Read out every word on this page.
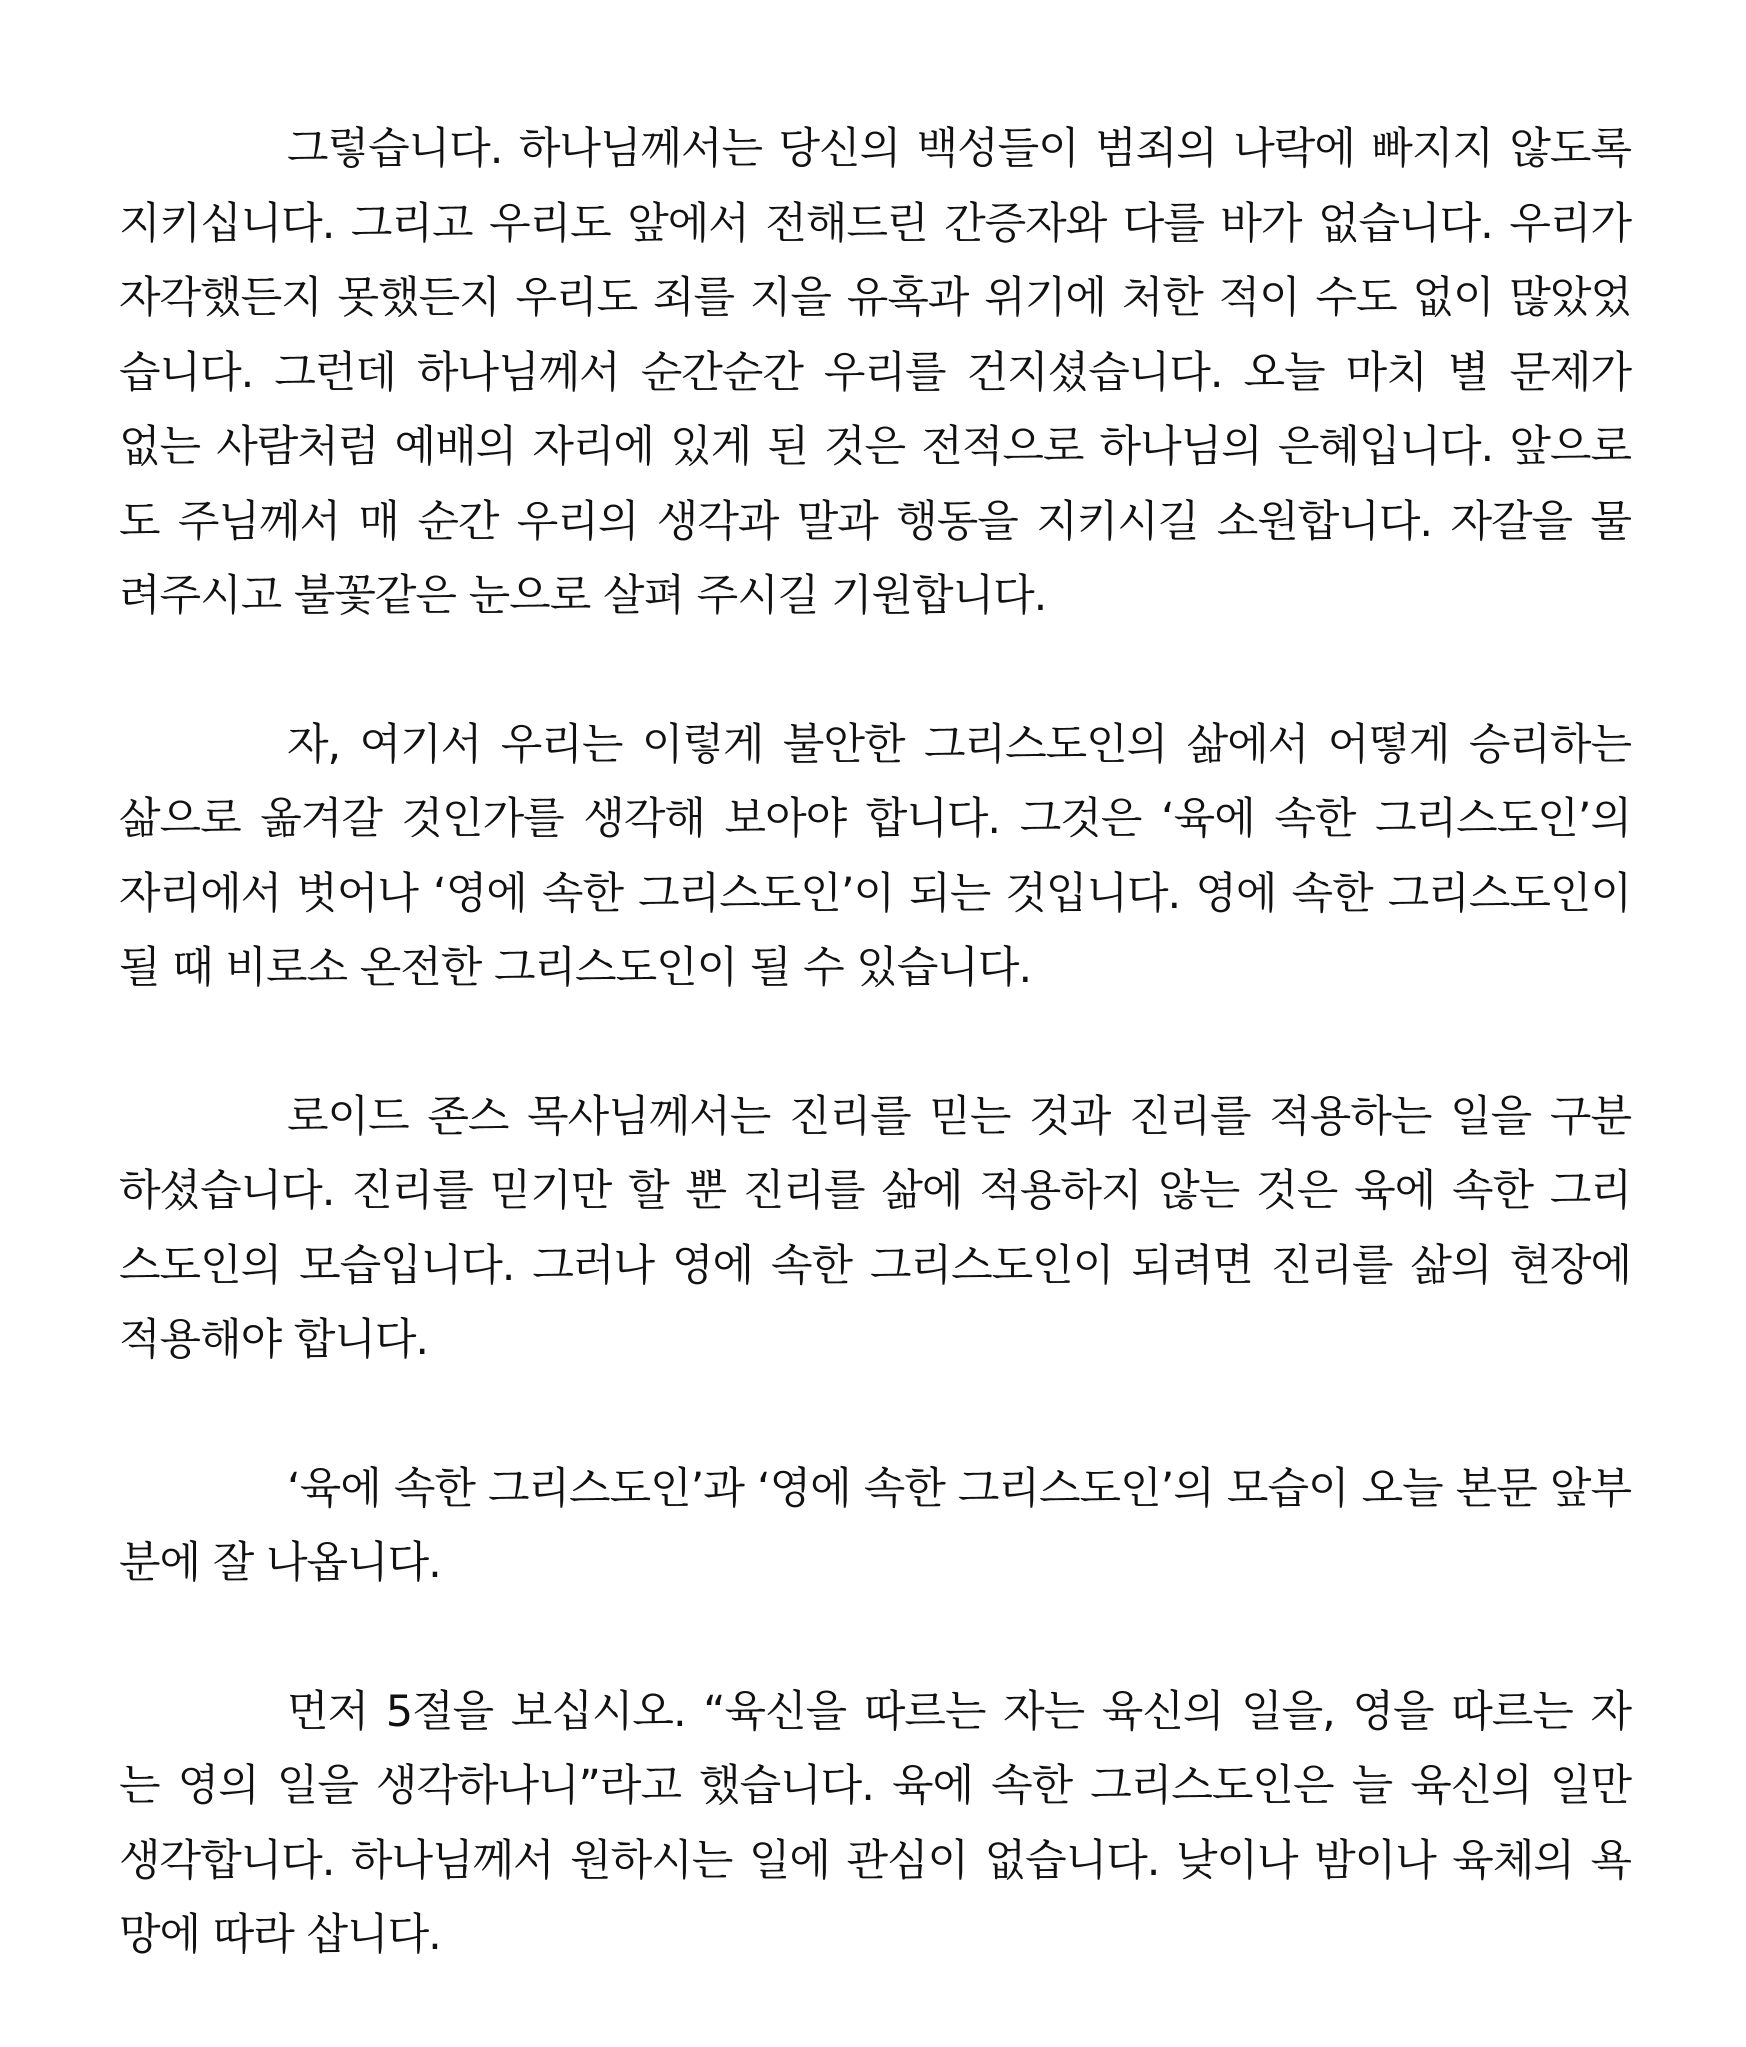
그렇습니다. 하나님께서는 당신의 백성들이 범죄의 나락에 빠지지 않도록
지키십니다. 그리고 우리도 앞에서 전해드린 간증자와 다를 바가 없습니다. 우리가
자각했든지 못했든지 우리도 죄를 지을 유혹과 위기에 처한 적이 수도 없이 많았었
습니다. 그런데 하나님께서 순간순간 우리를 건지셨습니다. 오늘 마치 별 문제가
없는 사람처럼 예배의 자리에 있게 된 것은 전적으로 하나님의 은혜입니다. 앞으로
도 주님께서 매 순간 우리의 생각과 말과 행동을 지키시길 소원합니다. 자갈을 물
려주시고 불꽃같은 눈으로 살펴 주시길 기원합니다.
자, 여기서 우리는 이렇게 불안한 그리스도인의 삶에서 어떻게 승리하는
삶으로 옮겨갈 것인가를 생각해 보아야 합니다. 그것은 ‘육에 속한 그리스도인’의
자리에서 벗어나 ‘영에 속한 그리스도인’이 되는 것입니다. 영에 속한 그리스도인이
될 때 비로소 온전한 그리스도인이 될 수 있습니다.
로이드 존스 목사님께서는 진리를 믿는 것과 진리를 적용하는 일을 구분
하셨습니다. 진리를 믿기만 할 뿐 진리를 삶에 적용하지 않는 것은 육에 속한 그리
스도인의 모습입니다. 그러나 영에 속한 그리스도인이 되려면 진리를 삶의 현장에
적용해야 합니다.
‘육에 속한 그리스도인’과 ‘영에 속한 그리스도인’의 모습이 오늘 본문 앞부
분에 잘 나옵니다.
먼저 5절을 보십시오. “육신을 따르는 자는 육신의 일을, 영을 따르는 자
는 영의 일을 생각하나니”라고 했습니다. 육에 속한 그리스도인은 늘 육신의 일만
생각합니다. 하나님께서 원하시는 일에 관심이 없습니다. 낮이나 밤이나 육체의 욕
망에 따라 삽니다.
